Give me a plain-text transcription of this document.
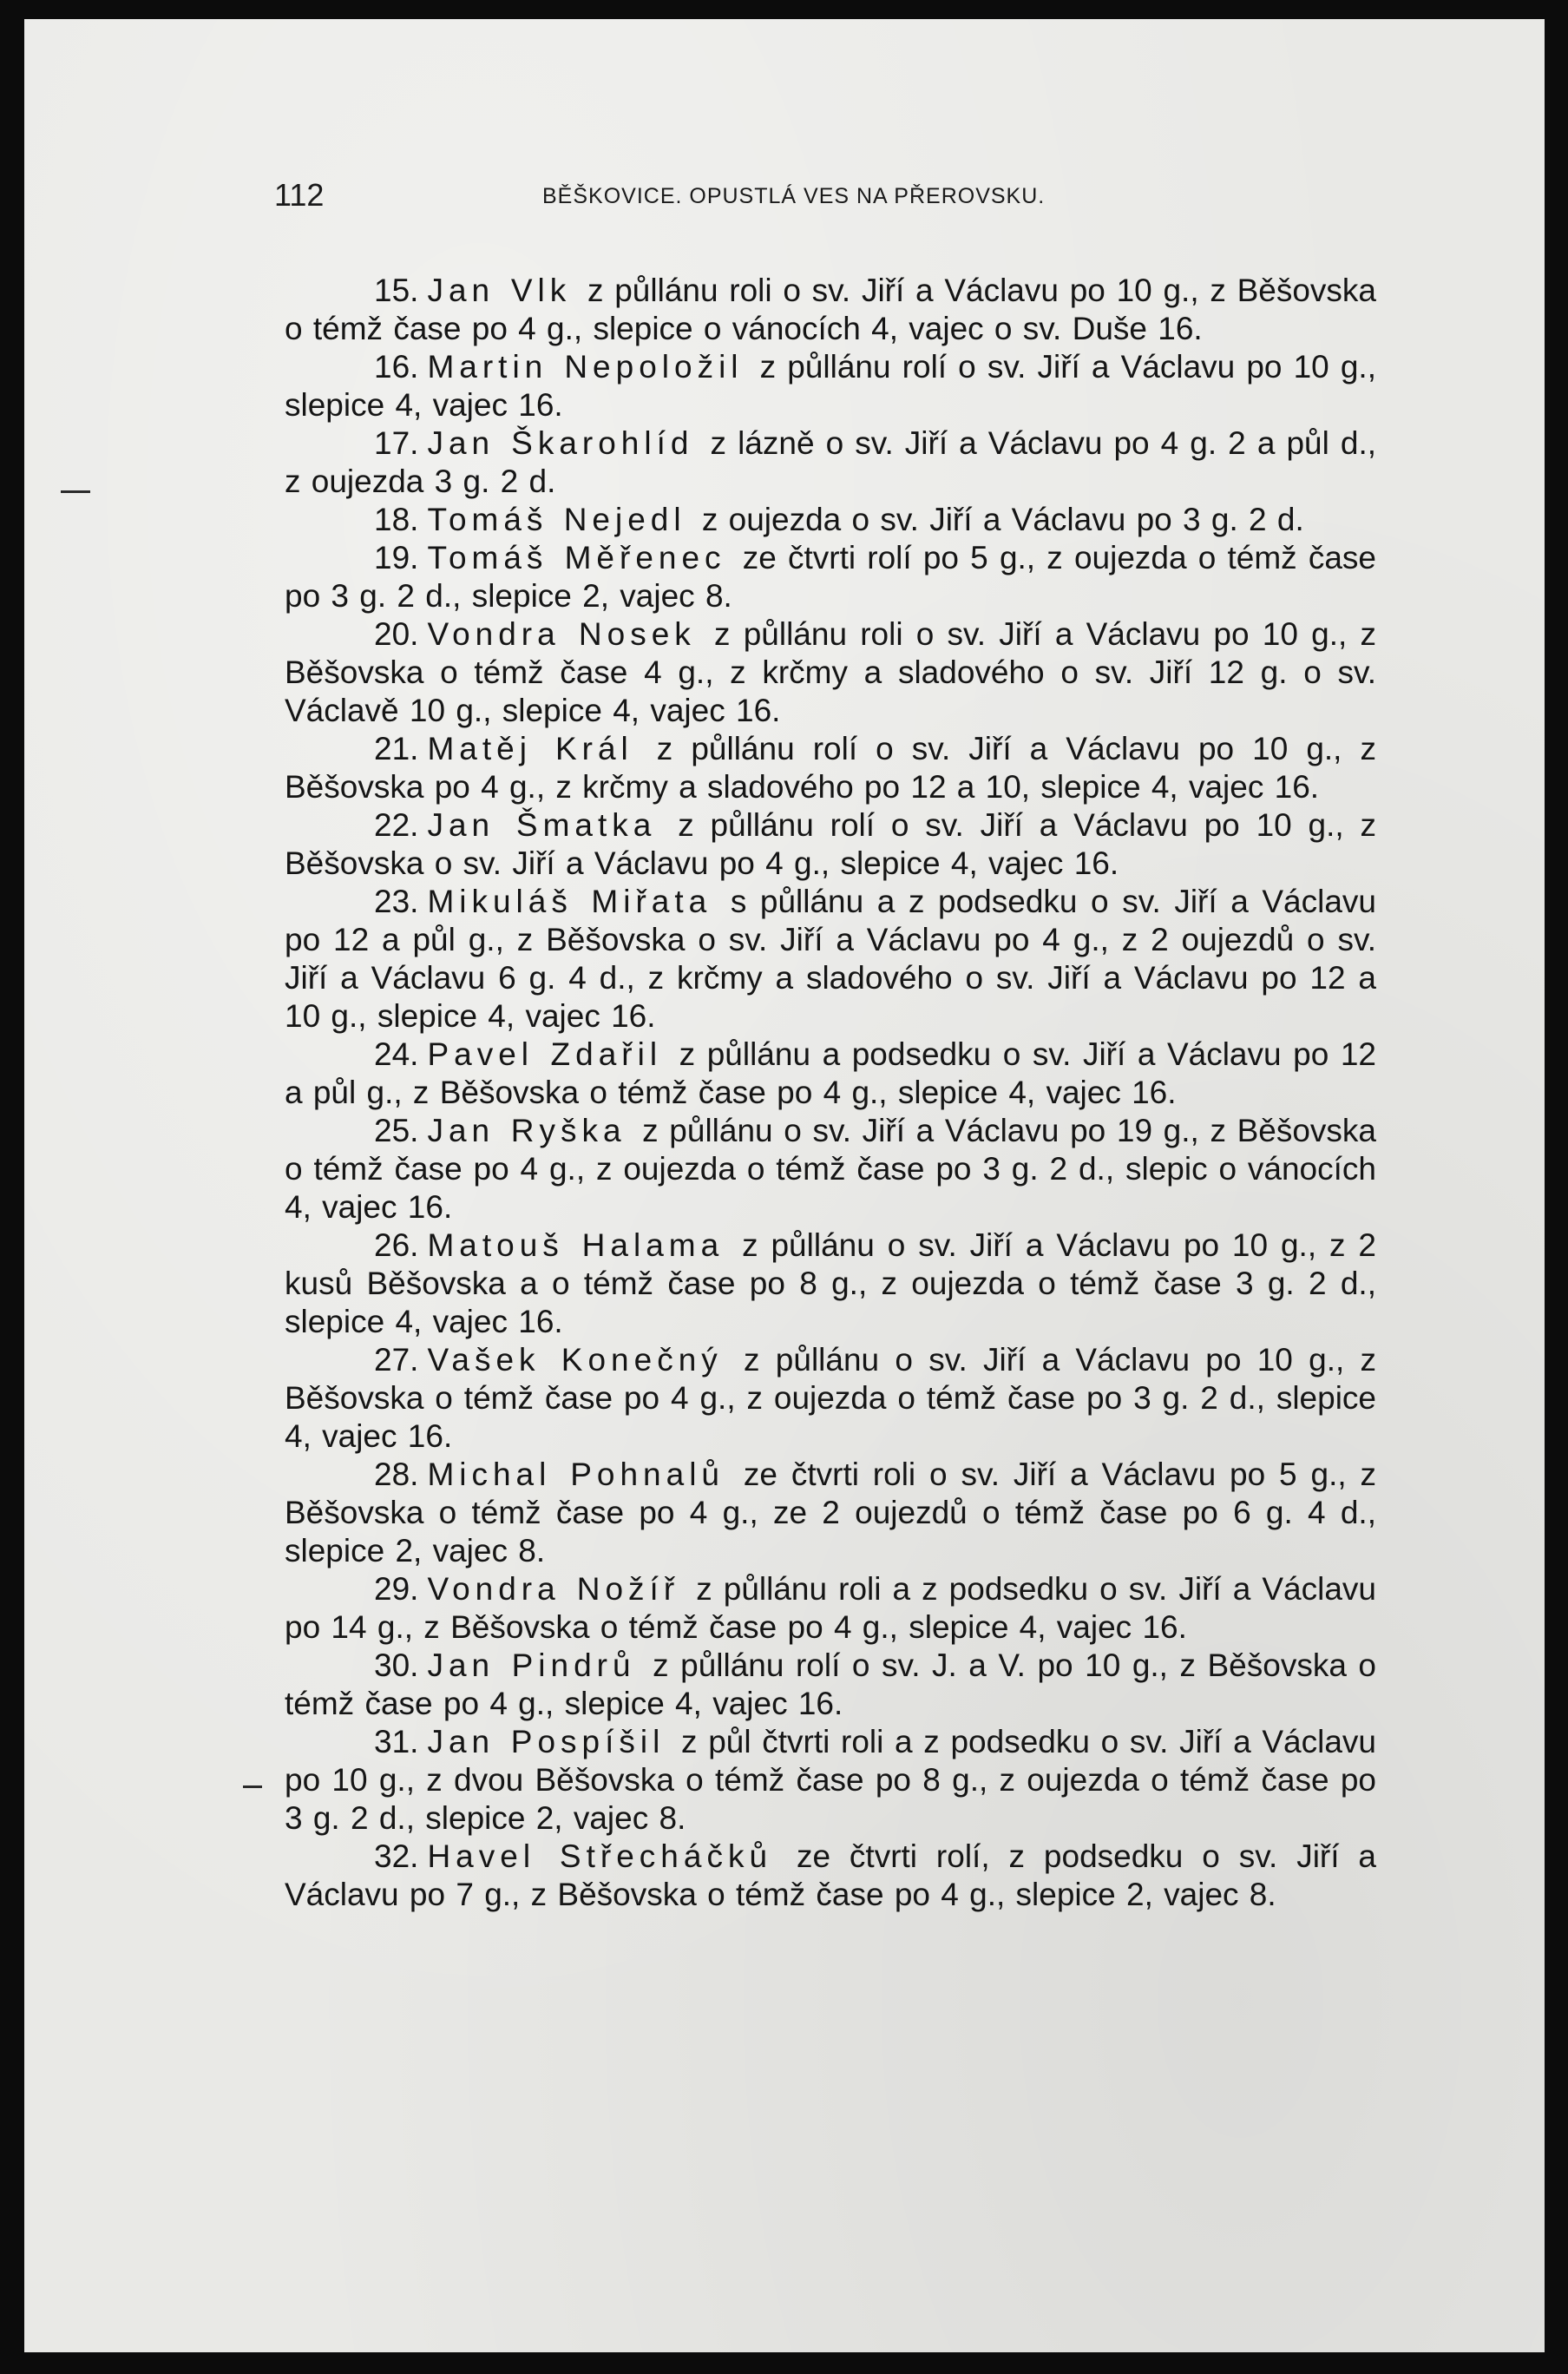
112	BĚŠKOVICE. OPUSTLÁ VES NA PŘEROVSKU.

15. Jan Vlk z půllánu roli o sv. Jiří a Václavu po 10 g., z Běšovska o témž čase po 4 g., slepice o vánocích 4, vajec o sv. Duše 16.

16. Martin Nepoložil z půllánu rolí o sv. Jiří a Václavu po 10 g., slepice 4, vajec 16.

17. Jan Škarohlíd z lázně o sv. Jiří a Václavu po 4 g. 2 a půl d., z oujezda 3 g. 2 d.

18. Tomáš Nejedl z oujezda o sv. Jiří a Václavu po 3 g. 2 d.

19. Tomáš Měřenec ze čtvrti rolí po 5 g., z oujezda o témž čase po 3 g. 2 d., slepice 2, vajec 8.

20. Vondra Nosek z půllánu roli o sv. Jiří a Václavu po 10 g., z Běšovska o témž čase 4 g., z krčmy a sladového o sv. Jiří 12 g. o sv. Václavě 10 g., slepice 4, vajec 16.

21. Matěj Král z půllánu rolí o sv. Jiří a Václavu po 10 g., z Běšovska po 4 g., z krčmy a sladového po 12 a 10, slepice 4, vajec 16.

22. Jan Šmatka z půllánu rolí o sv. Jiří a Václavu po 10 g., z Běšovska o sv. Jiří a Václavu po 4 g., slepice 4, vajec 16.

23. Mikuláš Miřata s půllánu a z podsedku o sv. Jiří a Václavu po 12 a půl g., z Běšovska o sv. Jiří a Václavu po 4 g., z 2 oujezdů o sv. Jiří a Václavu 6 g. 4 d., z krčmy a sladového o sv. Jiří a Václavu po 12 a 10 g., slepice 4, vajec 16.

24. Pavel Zdařil z půllánu a podsedku o sv. Jiří a Václavu po 12 a půl g., z Běšovska o témž čase po 4 g., slepice 4, vajec 16.

25. Jan Ryška z půllánu o sv. Jiří a Václavu po 19 g., z Běšovska o témž čase po 4 g., z oujezda o témž čase po 3 g. 2 d., slepic o vánocích 4, vajec 16.

26. Matouš Halama z půllánu o sv. Jiří a Václavu po 10 g., z 2 kusů Běšovska a o témž čase po 8 g., z oujezda o témž čase 3 g. 2 d., slepice 4, vajec 16.

27. Vašek Konečný z půllánu o sv. Jiří a Václavu po 10 g., z Běšovska o témž čase po 4 g., z oujezda o témž čase po 3 g. 2 d., slepice 4, vajec 16.

28. Michal Pohnalů ze čtvrti roli o sv. Jiří a Václavu po 5 g., z Běšovska o témž čase po 4 g., ze 2 oujezdů o témž čase po 6 g. 4 d., slepice 2, vajec 8.

29. Vondra Nožíř z půllánu roli a z podsedku o sv. Jiří a Václavu po 14 g., z Běšovska o témž čase po 4 g., slepice 4, vajec 16.

30. Jan Pindrů z půllánu rolí o sv. J. a V. po 10 g., z Běšovska o témž čase po 4 g., slepice 4, vajec 16.

31. Jan Pospíšil z půl čtvrti roli a z podsedku o sv. Jiří a Václavu po 10 g., z dvou Běšovska o témž čase po 8 g., z oujezda o témž čase po 3 g. 2 d., slepice 2, vajec 8.

32. Havel Střecháčků ze čtvrti rolí, z podsedku o sv. Jiří a Václavu po 7 g., z Běšovska o témž čase po 4 g., slepice 2, vajec 8.
